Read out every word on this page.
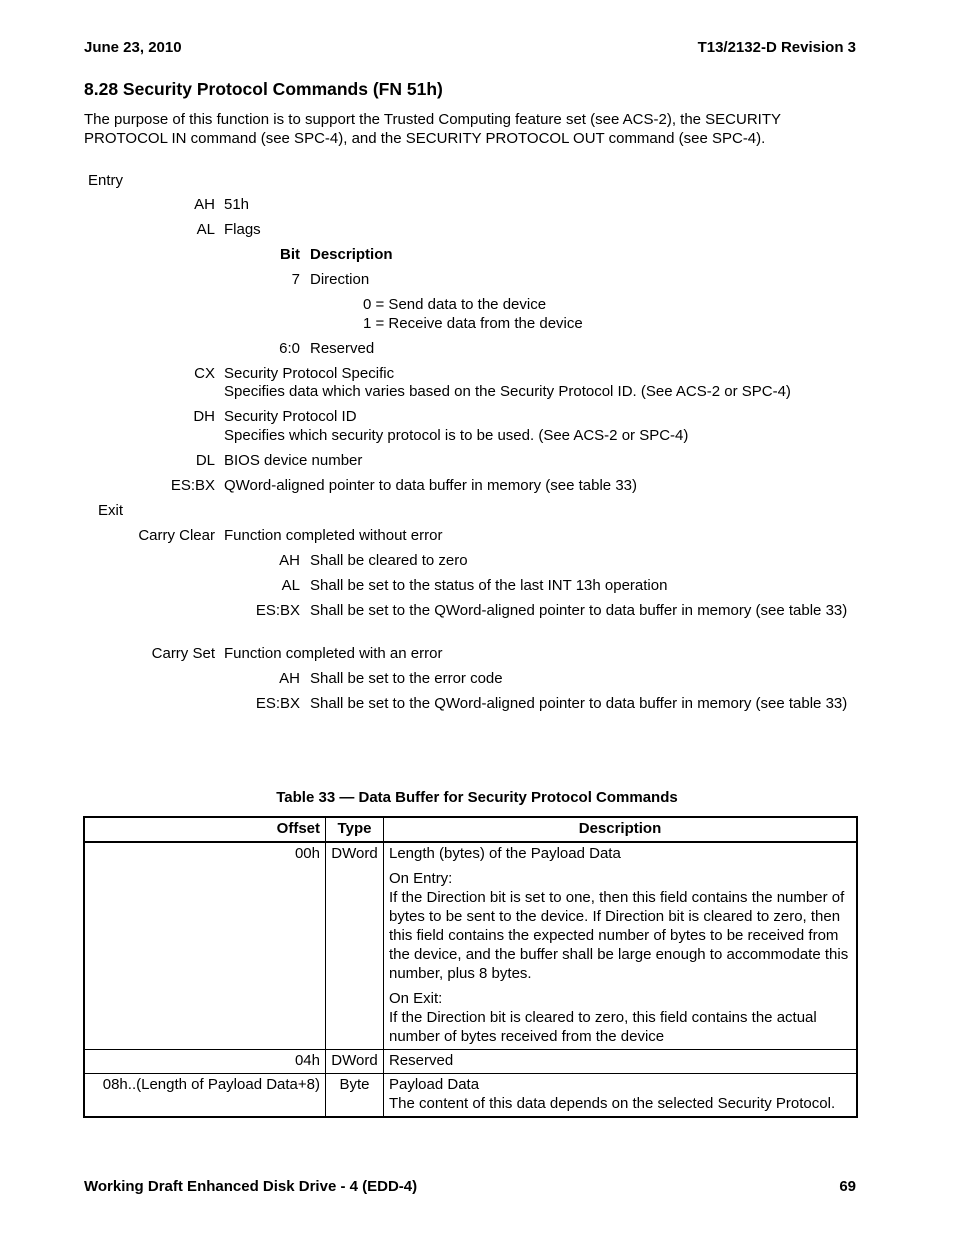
June 23, 2010	T13/2132-D Revision 3
8.28 Security Protocol Commands (FN 51h)
The purpose of this function is to support the Trusted Computing feature set (see ACS-2), the SECURITY PROTOCOL IN command (see SPC-4), and the SECURITY PROTOCOL OUT command (see SPC-4).
Entry
AH 51h
AL Flags
Bit Description
7 Direction
0 = Send data to the device
1 = Receive data from the device
6:0 Reserved
CX Security Protocol Specific
Specifies data which varies based on the Security Protocol ID. (See ACS-2 or SPC-4)
DH Security Protocol ID
Specifies which security protocol is to be used. (See ACS-2 or SPC-4)
DL BIOS device number
ES:BX QWord-aligned pointer to data buffer in memory (see table 33)
Exit
Carry Clear Function completed without error
AH Shall be cleared to zero
AL Shall be set to the status of the last INT 13h operation
ES:BX Shall be set to the QWord-aligned pointer to data buffer in memory (see table 33)
Carry Set Function completed with an error
AH Shall be set to the error code
ES:BX Shall be set to the QWord-aligned pointer to data buffer in memory (see table 33)
Table 33 — Data Buffer for Security Protocol Commands
Offset	Type	Description
00h	DWord	Length (bytes) of the Payload Data
On Entry:
If the Direction bit is set to one, then this field contains the number of bytes to be sent to the device. If Direction bit is cleared to zero, then this field contains the expected number of bytes to be received from the device, and the buffer shall be large enough to accommodate this number, plus 8 bytes.
On Exit:
If the Direction bit is cleared to zero, this field contains the actual number of bytes received from the device

04h	DWord	Reserved
08h..(Length of Payload Data+8)	Byte	Payload Data
The content of this data depends on the selected Security Protocol.
Working Draft Enhanced Disk Drive - 4 (EDD-4)	69
